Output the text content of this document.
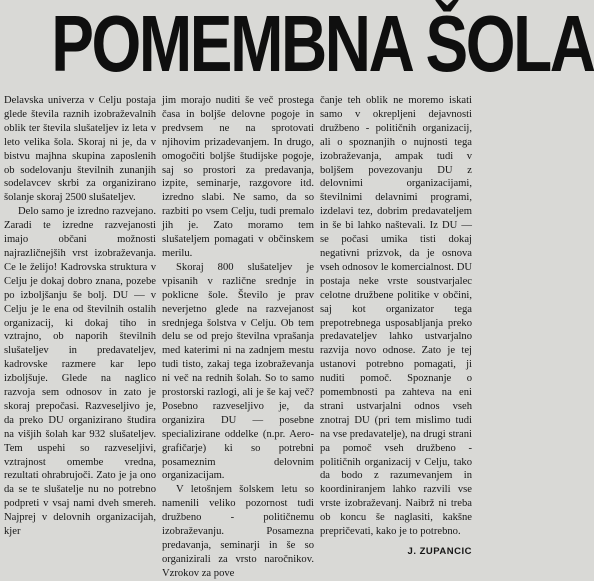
POMEMBNA ŠOLA

Delavska univerza v Celju postaja glede števila raznih izobraževalnih oblik ter števila slušateljev iz leta v leto velika šola. Skoraj ni je, da v bistvu majhna skupina zaposlenih ob sodelovanju številnih zunanjih sodelavcev skrbi za organizirano šolanje skoraj 2500 slušateljev.

Delo samo je izredno razvejano. Zaradi te izredne razvejanosti imajo občani možnosti najrazličnejših vrst izobraževanja. Ce le želijo! Kadrovska struktura v Celju je dokaj dobro znana, pozebe po izboljšanju še bolj. DU — v Celju je le ena od številnih ostalih organizacij, ki dokaj tiho in vztrajno, ob naporih številnih slušateljev in predavateljev, kadrovske razmere kar lepo izboljšuje. Glede na naglico razvoja sem odnosov in zato je skoraj prepočasi. Razveseljivo je, da preko DU organizirano študira na višjih šolah kar 932 slušateljev. Tem uspehi so razveseljivi, vztrajnost omembe vredna, rezultati ohrabrujoči. Zato je ja ono da se te slušatelje nu no potrebno podpreti v vsaj nami dveh smereh. Najprej v delovnih organizacijah, kjer

jim morajo nuditi še več prostega časa in boljše delovne pogoje in predvsem ne na sprotovati njihovim prizadevanjem. In drugo, omogočiti boljše študijske pogoje, saj so prostori za predavanja, izpite, seminarje, razgovore itd. izredno slabi. Ne samo, da so razbiti po vsem Celju, tudi premalo jih je. Zato moramo tem slušateljem pomagati v občinskem merilu.

Skoraj 800 slušateljev je vpisanih v različne srednje in poklicne šole. Število je prav neverjetno glede na razvejanost srednjega šolstva v Celju. Ob tem delu se od prejo številna vprašanja med katerimi ni na zadnjem mestu tudi tisto, zakaj tega izobraževanja ni več na rednih šolah. So to samo prostorski razlogi, ali je še kaj več? Posebno razveseljivo je, da organizira DU — posebne specializirane oddelke (n.pr. Aero-grafičarje) ki so potrebni posameznim delovnim organizacijam.

V letošnjem šolskem letu so namenili veliko pozornost tudi družbeno - političnemu izobraževanju. Posamezna predavanja, seminarji in še so organizirali za vrsto naročnikov. Vzrokov za pove

čanje teh oblik ne moremo iskati samo v okrepljeni dejavnosti družbeno - političnih organizacij, ali o spoznanjih o nujnosti tega izobraževanja, ampak tudi v boljšem povezovanju DU z delovnimi organizacijami, številnimi delavnimi programi, izdelavi tez, dobrim predavateljem in še bi lahko naštevali. Iz DU — se počasi umika tisti dokaj negativni prizvok, da je osnova vseh odnosov le komercialnost. DU postaja neke vrste soustvarjalec celotne družbene politike v občini, saj kot organizator tega prepotrebnega usposabljanja preko predavateljev lahko ustvarjalno razvija novo odnose. Zato je tej ustanovi potrebno pomagati, ji nuditi pomoč. Spoznanje o pomembnosti pa zahteva na eni strani ustvarjalni odnos vseh znotraj DU (pri tem mislimo tudi na vse predavatelje), na drugi strani pa pomoč vseh družbeno - političnih organizacij v Celju, tako da bodo z razumevanjem in koordiniranjem lahko razvili vse vrste izobraževanj. Naibrž ni treba ob koncu še naglasiti, kakšne prepričevati, kako je to potrebno.

J. ZUPANCIC
